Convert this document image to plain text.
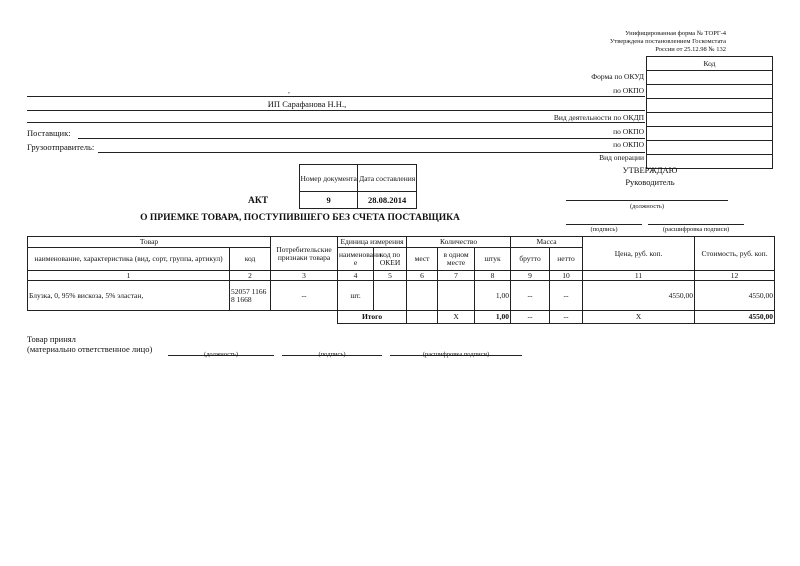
Унифицированная форма № ТОРГ-4
Утверждена постановлением Госкомстата
России от 25.12.98 № 132
Форма по ОКУД
по ОКПО
Вид деятельности по ОКДП
по ОКПО
по ОКПО
Вид операции
Код

,
ИП Сарафанова Н.Н.,
Поставщик:
Грузоотправитель:
Номер документа	Дата составления
9	28.08.2014
АКТ
О ПРИЕМКЕ ТОВАРА, ПОСТУПИВШЕГО БЕЗ СЧЕТА ПОСТАВЩИКА
УТВЕРЖДАЮ
Руководитель
(должность)
(подпись)	(расшифровка подписи)
Товар		Потребительские признаки товара	Единица измерения		Количество			Масса		Цена, руб. коп.	Стоимость, руб. коп.
наименование, характеристика (вид, сорт, группа, артикул)	код		наименовани е	код по ОКЕИ	мест	в одном месте	штук	брутто	нетто		
1	2	3	4	5	6	7	8	9	10	11	12
Блузка, 0, 95% вискоза, 5% эластан,	52057 11668 1668	--	шт.				1,00	--	--	4550,00	4550,00
			Итого			X	1,00	--	--	X	4550,00
Товар принял
(материально ответственное лицо)
(должность)	(подпись)	(расшифровка подписи)
